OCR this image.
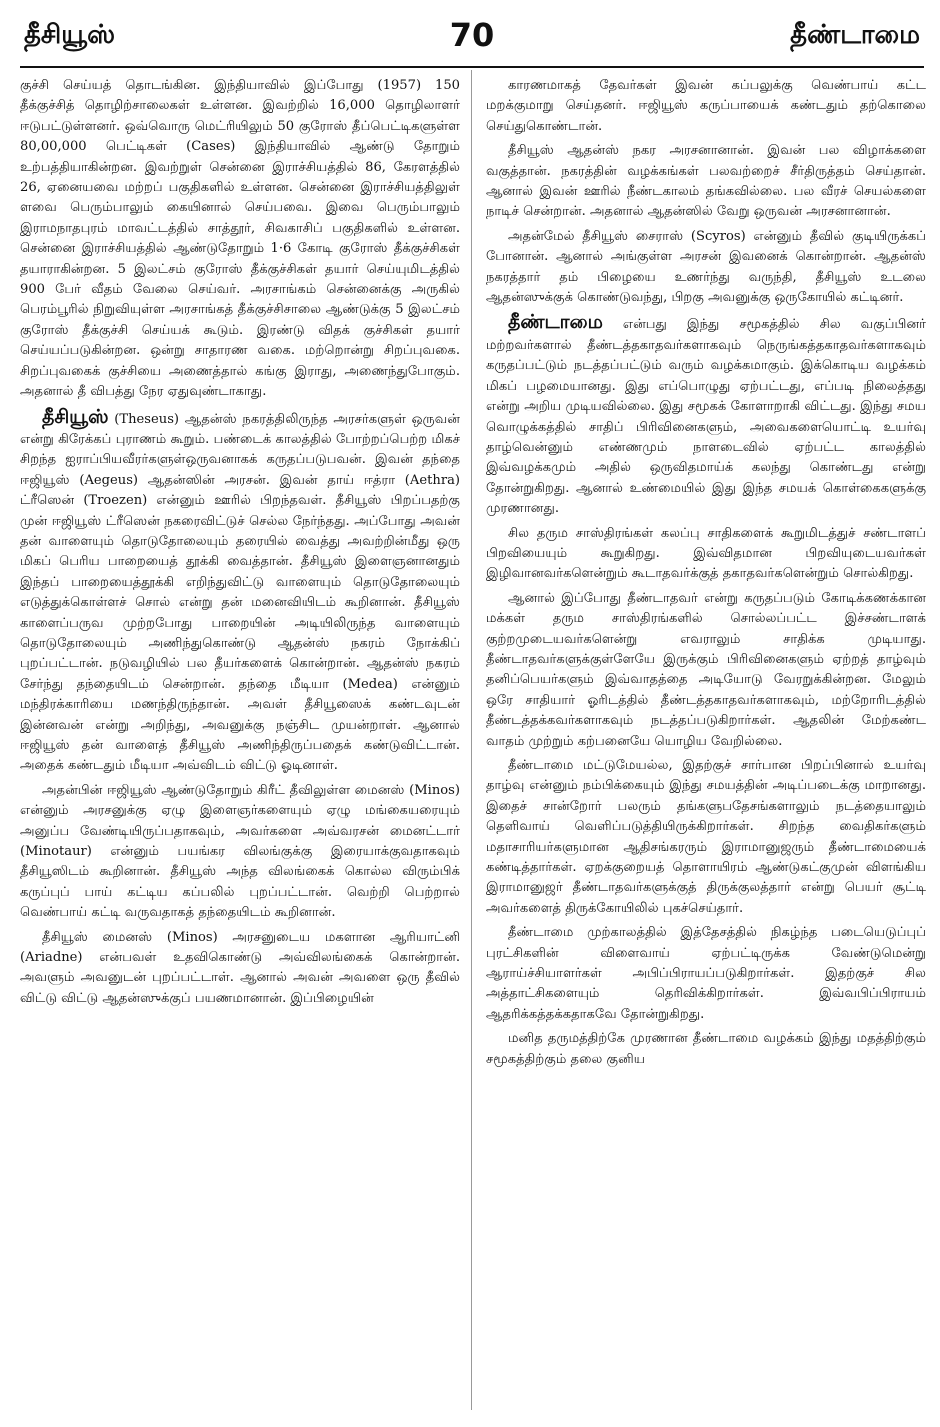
தீசியூஸ்	70	தீண்டாமை

குச்சி செய்யத் தொடங்கின. இந்தியாவில் இப்போது (1957) 150 தீக்குச்சித் தொழிற்சாலைகள் உள்ளன. இவற்றில் 16,000 தொழிலாளர் ஈடுபட்டுள்ளனர். ஒவ்வொரு மெட்ரியிலும் 50 குரோஸ் தீப்பெட்டிகளுள்ள 80,00,000 பெட்டிகள் (Cases) இந்தியாவில் ஆண்டு தோறும் உற்பத்தியாகின்றன. இவற்றுள் சென்னை இராச்சியத்தில் 86, கேரளத்தில் 26, ஏனையவை மற்றப் பகுதிகளில் உள்ளன. சென்னை இராச்சியத்திலுள் ளவை பெரும்பாலும் கையினால் செய்பவை. இவை பெரும்பாலும் இராமநாதபுரம் மாவட்டத்தில் சாத்தூர், சிவகாசிப் பகுதிகளில் உள்ளன. சென்னை இராச்சியத்தில் ஆண்டுதோறும் 1·6 கோடி குரோஸ் தீக்குச்சிகள் தயாராகின்றன. 5 இலட்சம் குரோஸ் தீக்குச்சிகள் தயார் செய்யுமிடத்தில் 900 பேர் வீதம் வேலை செய்வர். அரசாங்கம் சென்னைக்கு அருகில் பெரம்பூரில் நிறுவியுள்ள அரசாங்கத் தீக்குச்சிசாலை ஆண்டுக்கு 5 இலட்சம் குரோஸ் தீக்குச்சி செய்யக் கூடும். இரண்டு விதக் குச்சிகள் தயார் செய்யப்படுகின்றன. ஒன்று சாதாரண வகை. மற்றொன்று சிறப்புவகை. சிறப்புவகைக் குச்சியை அணைத்தால் கங்கு இராது, அணைந்துபோகும். அதனால் தீ விபத்து நேர ஏதுவுண்டாகாது.

தீசியூஸ் (Theseus) ஆதன்ஸ் நகரத்திலிருந்த அரசர்களுள் ஒருவன் என்று கிரேக்கப் புராணம் கூறும். பண்டைக் காலத்தில் போற்றப்பெற்ற மிகச் சிறந்த ஐராப்பியவீரர்களுள்ஒருவனாகக் கருதப்படுபவன். இவன் தந்தை ஈஜியூஸ் (Aegeus) ஆதன்ஸின் அரசன். இவன் தாய் ஈத்ரா (Aethra) ட்ரீஸென் (Troezen) என்னும் ஊரில் பிறந்தவள். தீசியூஸ் பிறப்பதற்கு முன் ஈஜியூஸ் ட்ரீஸென் நகரைவிட்டுச் செல்ல நேர்ந்தது. அப்போது அவன் தன் வாளையும் தொடுதோலையும் தரையில் வைத்து அவற்றின்மீது ஒரு மிகப் பெரிய பாறையைத் தூக்கி வைத்தான். தீசியூஸ் இளைஞனானதும் இந்தப் பாறையைத்தூக்கி எறிந்துவிட்டு வாளையும் தொடுதோலையும் எடுத்துக்கொள்ளச் சொல் என்று தன் மனைவியிடம் கூறினான். தீசியூஸ் காளைப்பருவ முற்றபோது பாறையின் அடியிலிருந்த வாளையும் தொடுதோலையும் அணிந்துகொண்டு ஆதன்ஸ் நகரம் நோக்கிப் புறப்பட்டான். நடுவழியில் பல தீயர்களைக் கொன்றான். ஆதன்ஸ் நகரம் சேர்ந்து தந்தையிடம் சென்றான். தந்தை மீடியா (Medea) என்னும் மந்திரக்காரியை மணந்திருந்தான். அவள் தீசியூஸைக் கண்டவுடன் இன்னவன் என்று அறிந்து, அவனுக்கு நஞ்சிட முயன்றாள். ஆனால் ஈஜியூஸ் தன் வாளைத் தீசியூஸ் அணிந்திருப்பதைக் கண்டுவிட்டான். அதைக் கண்டதும் மீடியா அவ்விடம் விட்டு ஓடினாள்.

அதன்பின் ஈஜியூஸ் ஆண்டுதோறும் கிரீட் தீவிலுள்ள மைனஸ் (Minos) என்னும் அரசனுக்கு ஏழு இளைஞர்களையும் ஏழு மங்கையரையும் அனுப்ப வேண்டியிருப்பதாகவும், அவர்களை அவ்வரசன் மைனட்டார் (Minotaur) என்னும் பயங்கர விலங்குக்கு இரையாக்குவதாகவும் தீசியூஸிடம் கூறினான். தீசியூஸ் அந்த விலங்கைக் கொல்ல விரும்பிக் கருப்புப் பாய் கட்டிய கப்பலில் புறப்பட்டான். வெற்றி பெற்றால் வெண்பாய் கட்டி வருவதாகத் தந்தையிடம் கூறினான்.

தீசியூஸ் மைனஸ் (Minos) அரசனுடைய மகளான ஆரியாட்னி (Ariadne) என்பவள் உதவிகொண்டு அவ்விலங்கைக் கொன்றான். அவளும் அவனுடன் புறப்பட்டாள். ஆனால் அவன் அவளை ஒரு தீவில் விட்டு விட்டு ஆதன்ஸுக்குப் பயணமானான். இப்பிழையின்

காரணமாகத் தேவர்கள் இவன் கப்பலுக்கு வெண்பாய் கட்ட மறக்குமாறு செய்தனர். ஈஜியூஸ் கருப்பாயைக் கண்டதும் தற்கொலை செய்துகொண்டான்.

தீசியூஸ் ஆதன்ஸ் நகர அரசனானான். இவன் பல விழாக்களை வகுத்தான். நகரத்தின் வழக்கங்கள் பலவற்றைச் சீர்திருத்தம் செய்தான். ஆனால் இவன் ஊரில் நீண்டகாலம் தங்கவில்லை. பல வீரச் செயல்களை நாடிச் சென்றான். அதனால் ஆதன்ஸில் வேறு ஒருவன் அரசனானான்.

அதன்மேல் தீசியூஸ் சைராஸ் (Scyros) என்னும் தீவில் குடியிருக்கப் போனான். ஆனால் அங்குள்ள அரசன் இவனைக் கொன்றான். ஆதன்ஸ் நகரத்தார் தம் பிழையை உணர்ந்து வருந்தி, தீசியூஸ் உடலை ஆதன்ஸுக்குக் கொண்டுவந்து, பிறகு அவனுக்கு ஒருகோயில் கட்டினர்.

தீண்டாமை என்பது இந்து சமூகத்தில் சில வகுப்பினர் மற்றவர்களால் தீண்டத்தகாதவர்களாகவும் நெருங்கத்தகாதவர்களாகவும் கருதப்பட்டும் நடத்தப்பட்டும் வரும் வழக்கமாகும். இக்கொடிய வழக்கம் மிகப் பழமையானது. இது எப்பொழுது ஏற்பட்டது, எப்படி நிலைத்தது என்று அறிய முடியவில்லை. இது சமூகக் கோளாறாகி விட்டது. இந்து சமய வொழுக்கத்தில் சாதிப் பிரிவினைகளும், அவைகளையொட்டி உயர்வு தாழ்வென்னும் எண்ணமும் நாளடைவில் ஏற்பட்ட காலத்தில் இவ்வழக்கமும் அதில் ஒருவிதமாய்க் கலந்து கொண்டது என்று தோன்றுகிறது. ஆனால் உண்மையில் இது இந்த சமயக் கொள்கைகளுக்கு முரணானது.

சில தரும சாஸ்திரங்கள் கலப்பு சாதிகளைக் கூறுமிடத்துச் சண்டாளப் பிறவியையும் கூறுகிறது. இவ்விதமான பிறவியுடையவர்கள் இழிவானவர்களென்றும் கூடாதவர்க்குத் தகாதவர்களென்றும் சொல்கிறது.

ஆனால் இப்போது தீண்டாதவர் என்று கருதப்படும் கோடிக்கணக்கான மக்கள் தரும சாஸ்திரங்களில் சொல்லப்பட்ட இச்சண்டாளக் குற்றமுடையவர்களென்று எவராலும் சாதிக்க முடியாது. தீண்டாதவர்களுக்குள்ளேயே இருக்கும் பிரிவினைகளும் ஏற்றத் தாழ்வும் தனிப்பெயர்களும் இவ்வாதத்தை அடியோடு வேரறுக்கின்றன. மேலும் ஒரே சாதியார் ஓரிடத்தில் தீண்டத்தகாதவர்களாகவும், மற்றோரிடத்தில் தீண்டத்தக்கவர்களாகவும் நடத்தப்படுகிறார்கள். ஆதலின் மேற்கண்ட வாதம் முற்றும் கற்பனையே யொழிய வேறில்லை.

தீண்டாமை மட்டுமேயல்ல, இதற்குச் சார்பான பிறப்பினால் உயர்வு தாழ்வு என்னும் நம்பிக்கையும் இந்து சமயத்தின் அடிப்படைக்கு மாறானது. இதைச் சான்றோர் பலரும் தங்களுபதேசங்களாலும் நடத்தையாலும் தெளிவாய் வெளிப்படுத்தியிருக்கிறார்கள். சிறந்த வைதிகர்களும் மதாசாரியர்களுமான ஆதிசங்கரரும் இராமானுஜரும் தீண்டாமையைக் கண்டித்தார்கள். ஏறக்குறையத் தொளாயிரம் ஆண்டுகட்குமுன் விளங்கிய இராமானுஜர் தீண்டாதவர்களுக்குத் திருக்குலத்தார் என்று பெயர் சூட்டி அவர்களைத் திருக்கோயிலில் புகச்செய்தார்.

தீண்டாமை முற்காலத்தில் இத்தேசத்தில் நிகழ்ந்த படையெடுப்புப் புரட்சிகளின் விளைவாய் ஏற்பட்டிருக்க வேண்டுமென்று ஆராய்ச்சியாளர்கள் அபிப்பிராயப்படுகிறார்கள். இதற்குச் சில அத்தாட்சிகளையும் தெரிவிக்கிறார்கள். இவ்வபிப்பிராயம் ஆதரிக்கத்தக்கதாகவே தோன்றுகிறது.

மனித தருமத்திற்கே முரணான தீண்டாமை வழக்கம் இந்து மதத்திற்கும் சமூகத்திற்கும் தலை குனிய
